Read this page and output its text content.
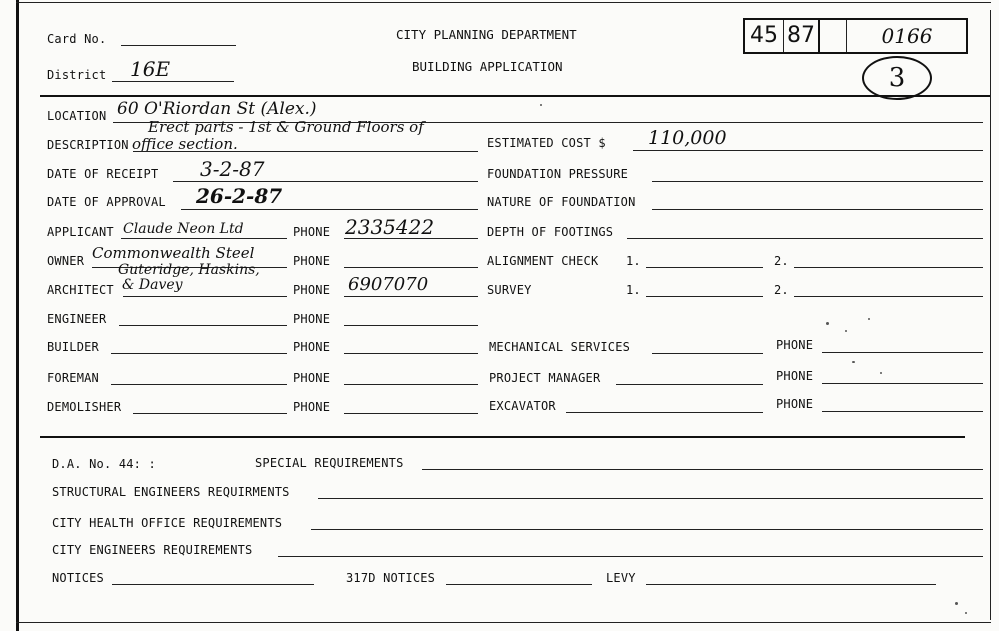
Card No.
District 16E
CITY PLANNING DEPARTMENT
BUILDING APPLICATION
45 87	0166
3
LOCATION 60 O'Riordan St (Alex.)
Erect parts - 1st & Ground Floors of
DESCRIPTION office section.	ESTIMATED COST $ 110,000
DATE OF RECEIPT 3-2-87	FOUNDATION PRESSURE
DATE OF APPROVAL 26-2-87	NATURE OF FOUNDATION
APPLICANT Claude Neon Ltd	PHONE 2335422	DEPTH OF FOOTINGS
OWNER Commonwealth Steel	PHONE	ALIGNMENT CHECK 1.	2.
Guteridge, Haskins,
ARCHITECT & Davey	PHONE 6907070	SURVEY	1.	2.
ENGINEER	PHONE
BUILDER	PHONE	MECHANICAL SERVICES	PHONE
FOREMAN	PHONE	PROJECT MANAGER	PHONE
DEMOLISHER	PHONE	EXCAVATOR	PHONE
D.A. No. 44: :	SPECIAL REQUIREMENTS
STRUCTURAL ENGINEERS REQUIRMENTS
CITY HEALTH OFFICE REQUIREMENTS
CITY ENGINEERS REQUIREMENTS
NOTICES	317D NOTICES	LEVY
